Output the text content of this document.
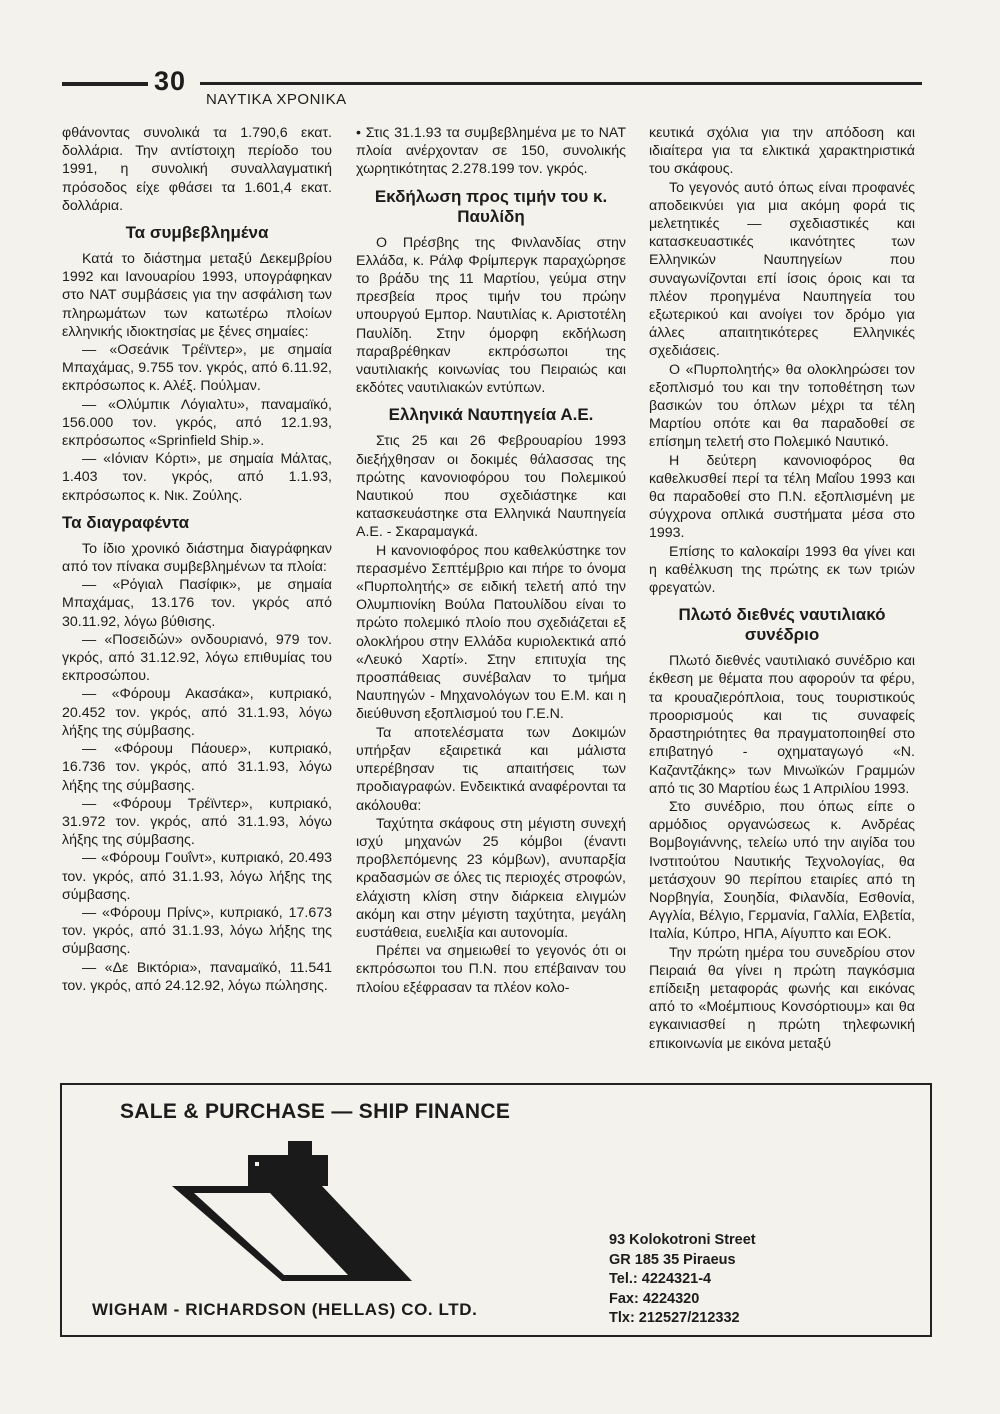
30
ΝΑΥΤΙΚΑ ΧΡΟΝΙΚΑ

φθάνοντας συνολικά τα 1.790,6 εκατ. δολλάρια. Την αντίστοιχη περίοδο του 1991, η συνολική συναλλαγματική πρόσοδος είχε φθάσει τα 1.601,4 εκατ. δολλάρια.

Τα συμβεβλημένα

Κατά το διάστημα μεταξύ Δεκεμβρίου 1992 και Ιανουαρίου 1993, υπογράφηκαν στο ΝΑΤ συμβάσεις για την ασφάλιση των πληρωμάτων των κατωτέρω πλοίων ελληνικής ιδιοκτησίας με ξένες σημαίες:

— «Οσεάνικ Τρέϊντερ», με σημαία Μπαχάμας, 9.755 τον. γκρός, από 6.11.92, εκπρόσωπος κ. Αλέξ. Πούλμαν.

— «Ολύμπικ Λόγιαλτυ», παναμαϊκό, 156.000 τον. γκρός, από 12.1.93, εκπρόσωπος «Sprinfield Ship.».

— «Ιόνιαν Κόρτι», με σημαία Μάλτας, 1.403 τον. γκρός, από 1.1.93, εκπρόσωπος κ. Νικ. Ζούλης.

Τα διαγραφέντα

Το ίδιο χρονικό διάστημα διαγράφηκαν από τον πίνακα συμβεβλημένων τα πλοία:

— «Ρόγιαλ Πασίφικ», με σημαία Μπαχάμας, 13.176 τον. γκρός από 30.11.92, λόγω βύθισης.

— «Ποσειδών» ονδουριανό, 979 τον. γκρός, από 31.12.92, λόγω επιθυμίας του εκπροσώπου.

— «Φόρουμ Ακασάκα», κυπριακό, 20.452 τον. γκρός, από 31.1.93, λόγω λήξης της σύμβασης.

— «Φόρουμ Πάουερ», κυπριακό, 16.736 τον. γκρός, από 31.1.93, λόγω λήξης της σύμβασης.

— «Φόρουμ Τρέϊντερ», κυπριακό, 31.972 τον. γκρός, από 31.1.93, λόγω λήξης της σύμβασης.

— «Φόρουμ Γουΐντ», κυπριακό, 20.493 τον. γκρός, από 31.1.93, λόγω λήξης της σύμβασης.

— «Φόρουμ Πρίνς», κυπριακό, 17.673 τον. γκρός, από 31.1.93, λόγω λήξης της σύμβασης.

— «Δε Βικτόρια», παναμαϊκό, 11.541 τον. γκρός, από 24.12.92, λόγω πώλησης.

• Στις 31.1.93 τα συμβεβλημένα με το ΝΑΤ πλοία ανέρχονταν σε 150, συνολικής χωρητικότητας 2.278.199 τον. γκρός.

Εκδήλωση προς τιμήν του κ. Παυλίδη

Ο Πρέσβης της Φινλανδίας στην Ελλάδα, κ. Ράλφ Φρίμπεργκ παραχώρησε το βράδυ της 11 Μαρτίου, γεύμα στην πρεσβεία προς τιμήν του πρώην υπουργού Εμπορ. Ναυτιλίας κ. Αριστοτέλη Παυλίδη. Στην όμορφη εκδήλωση παραβρέθηκαν εκπρόσωποι της ναυτιλιακής κοινωνίας του Πειραιώς και εκδότες ναυτιλιακών εντύπων.

Ελληνικά Ναυπηγεία Α.Ε.

Στις 25 και 26 Φεβρουαρίου 1993 διεξήχθησαν οι δοκιμές θάλασσας της πρώτης κανονιοφόρου του Πολεμικού Ναυτικού που σχεδιάστηκε και κατασκευάστηκε στα Ελληνικά Ναυπηγεία Α.Ε. - Σκαραμαγκά.

Η κανονιοφόρος που καθελκύστηκε τον περασμένο Σεπτέμβριο και πήρε το όνομα «Πυρπολητής» σε ειδική τελετή από την Ολυμπιονίκη Βούλα Πατουλίδου είναι το πρώτο πολεμικό πλοίο που σχεδιάζεται εξ ολοκλήρου στην Ελλάδα κυριολεκτικά από «Λευκό Χαρτί». Στην επιτυχία της προσπάθειας συνέβαλαν το τμήμα Ναυπηγών - Μηχανολόγων του Ε.Μ. και η διεύθυνση εξοπλισμού του Γ.Ε.Ν.

Τα αποτελέσματα των Δοκιμών υπήρξαν εξαιρετικά και μάλιστα υπερέβησαν τις απαιτήσεις των προδιαγραφών. Ενδεικτικά αναφέρονται τα ακόλουθα:

Ταχύτητα σκάφους στη μέγιστη συνεχή ισχύ μηχανών 25 κόμβοι (έναντι προβλεπόμενης 23 κόμβων), ανυπαρξία κραδασμών σε όλες τις περιοχές στροφών, ελάχιστη κλίση στην διάρκεια ελιγμών ακόμη και στην μέγιστη ταχύτητα, μεγάλη ευστάθεια, ευελιξία και αυτονομία.

Πρέπει να σημειωθεί το γεγονός ότι οι εκπρόσωποι του Π.Ν. που επέβαιναν του πλοίου εξέφρασαν τα πλέον κολο-

κευτικά σχόλια για την απόδοση και ιδιαίτερα για τα ελικτικά χαρακτηριστικά του σκάφους.

Το γεγονός αυτό όπως είναι προφανές αποδεικνύει για μια ακόμη φορά τις μελετητικές — σχεδιαστικές και κατασκευαστικές ικανότητες των Ελληνικών Ναυπηγείων που συναγωνίζονται επί ίσοις όροις και τα πλέον προηγμένα Ναυπηγεία του εξωτερικού και ανοίγει τον δρόμο για άλλες απαιτητικότερες Ελληνικές σχεδιάσεις.

Ο «Πυρπολητής» θα ολοκληρώσει τον εξοπλισμό του και την τοποθέτηση των βασικών του όπλων μέχρι τα τέλη Μαρτίου οπότε και θα παραδοθεί σε επίσημη τελετή στο Πολεμικό Ναυτικό.

Η δεύτερη κανονιοφόρος θα καθελκυσθεί περί τα τέλη Μαΐου 1993 και θα παραδοθεί στο Π.Ν. εξοπλισμένη με σύγχρονα οπλικά συστήματα μέσα στο 1993.

Επίσης το καλοκαίρι 1993 θα γίνει και η καθέλκυση της πρώτης εκ των τριών φρεγατών.

Πλωτό διεθνές ναυτιλιακό συνέδριο

Πλωτό διεθνές ναυτιλιακό συνέδριο και έκθεση με θέματα που αφορούν τα φέρυ, τα κρουαζιερόπλοια, τους τουριστικούς προορισμούς και τις συναφείς δραστηριότητες θα πραγματοποιηθεί στο επιβατηγό - οχηματαγωγό «Ν. Καζαντζάκης» των Μινωϊκών Γραμμών από τις 30 Μαρτίου έως 1 Απριλίου 1993.

Στο συνέδριο, που όπως είπε ο αρμόδιος οργανώσεως κ. Ανδρέας Βομβογιάννης, τελείω υπό την αιγίδα του Ινστιτούτου Ναυτικής Τεχνολογίας, θα μετάσχουν 90 περίπου εταιρίες από τη Νορβηγία, Σουηδία, Φιλανδία, Εσθονία, Αγγλία, Βέλγιο, Γερμανία, Γαλλία, Ελβετία, Ιταλία, Κύπρο, ΗΠΑ, Αίγυπτο και ΕΟΚ.

Την πρώτη ημέρα του συνεδρίου στον Πειραιά θα γίνει η πρώτη παγκόσμια επίδειξη μεταφοράς φωνής και εικόνας από το «Μοέμπιους Κονσόρτιουμ» και θα εγκαινιασθεί η πρώτη τηλεφωνική επικοινωνία με εικόνα μεταξύ

SALE & PURCHASE — SHIP FINANCE
WIGHAM - RICHARDSON (HELLAS) CO. LTD.
93 Kolokotroni Street
GR 185 35 Piraeus
Tel.: 4224321-4
Fax: 4224320
Tlx: 212527/212332
